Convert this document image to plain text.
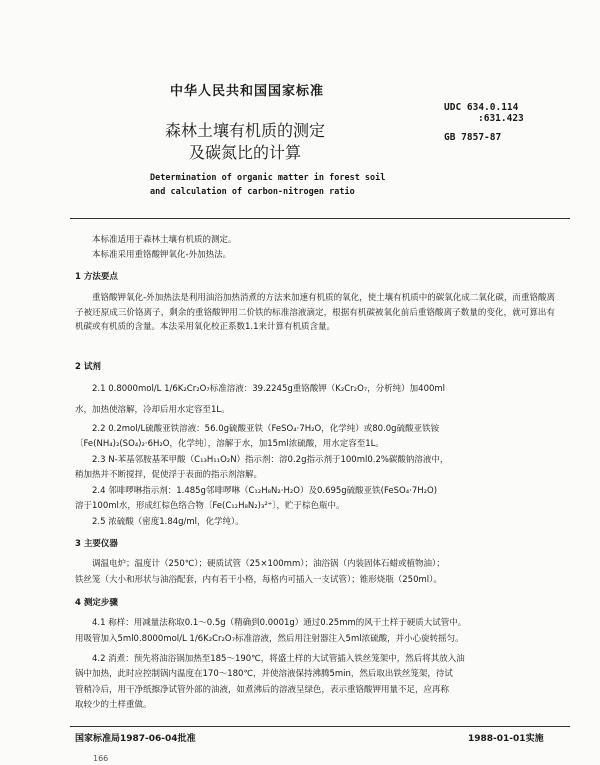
中华人民共和国国家标准
UDC 634.0.114
:631.423
GB 7857-87
森林土壤有机质的测定
及碳氮比的计算
Determination of organic matter in forest soil
and calculation of carbon-nitrogen ratio
本标准适用于森林土壤有机质的测定。
本标准采用重铬酸钾氧化-外加热法。
1 方法要点
重铬酸钾氧化-外加热法是利用油浴加热消煮的方法来加速有机质的氧化，使土壤有机质中的碳氧化成二氧化碳，而重铬酸离子被还原成三价铬离子，剩余的重铬酸钾用二价铁的标准溶液滴定，根据有机碳被氧化前后重铬酸离子数量的变化，就可算出有机碳或有机质的含量。本法采用氧化校正系数1.1来计算有机质含量。
2 试剂
2.1 0.8000mol/L 1/6K₂Cr₂O₇标准溶液：39.2245g重铬酸钾（K₂Cr₂O₇，分析纯）加400ml
水，加热使溶解，冷却后用水定容至1L。
2.2 0.2mol/L硫酸亚铁溶液：56.0g硫酸亚铁（FeSO₄·7H₂O，化学纯）或80.0g硫酸亚铁铵
〔Fe(NH₄)₂(SO₄)₂·6H₂O，化学纯〕，溶解于水，加15ml浓硫酸，用水定容至1L。
2.3 N-苯基邻胺基苯甲酸（C₁₃H₁₁O₂N）指示剂：溶0.2g指示剂于100ml0.2%碳酸钠溶液中，
稍加热并不断搅拌，促使浮于表面的指示剂溶解。
2.4 邻啡啰啉指示剂：1.485g邻啡啰啉（C₁₂H₈N₂·H₂O）及0.695g硫酸亚铁(FeSO₄·7H₂O)
溶于100ml水，形成红棕色络合物〔Fe(C₁₂H₈N₂)₃²⁺〕，贮于棕色瓶中。
2.5 浓硫酸（密度1.84g/ml，化学纯）。
3 主要仪器
调温电炉；温度计（250℃）；硬质试管（25×100mm）；油浴锅（内装固体石蜡或植物油）；
铁丝笼（大小和形状与油浴配套，内有若干小格，每格内可插入一支试管）；锥形烧瓶（250ml）。
4 测定步骤
4.1 称样：用减量法称取0.1～0.5g（精确到0.0001g）通过0.25mm的风干土样于硬质大试管中。
用吸管加入5ml0.8000mol/L 1/6K₂Cr₂O₇标准溶液，然后用注射器注入5ml浓硫酸，并小心旋转摇匀。
4.2 消煮：预先将油浴锅加热至185～190℃，将盛土样的大试管插入铁丝笼架中，然后将其放入油
锅中加热，此时应控制锅内温度在170～180℃，并使溶液保持沸腾5min，然后取出铁丝笼架，待试
管稍冷后，用干净纸擦净试管外部的油液，如煮沸后的溶液呈绿色，表示重铬酸钾用量不足，应再称
取较少的土样重做。
国家标准局1987-06-04批准	1988-01-01实施
166
